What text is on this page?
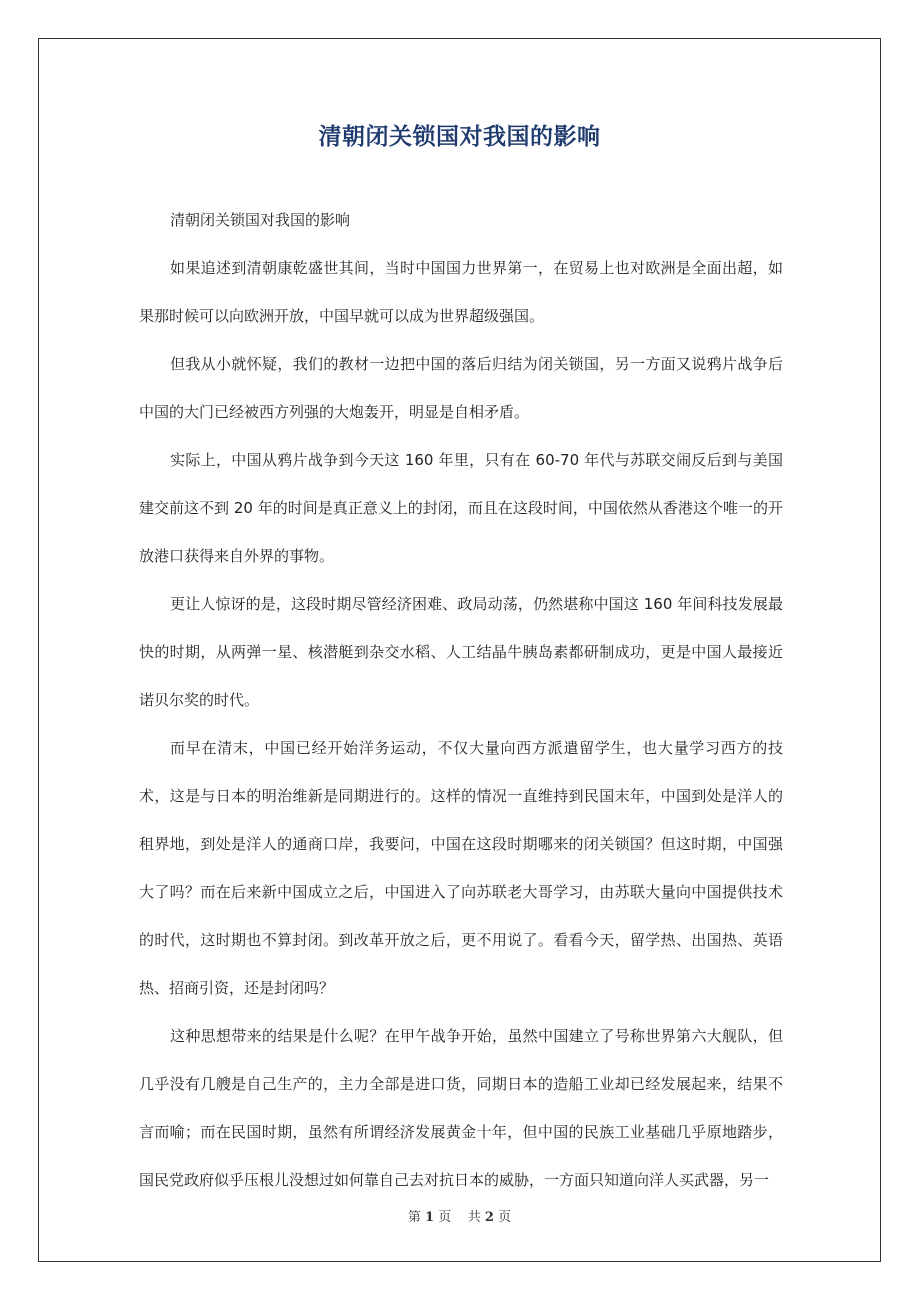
清朝闭关锁国对我国的影响

清朝闭关锁国对我国的影响

如果追述到清朝康乾盛世其间，当时中国国力世界第一，在贸易上也对欧洲是全面出超，如果那时候可以向欧洲开放，中国早就可以成为世界超级强国。

但我从小就怀疑，我们的教材一边把中国的落后归结为闭关锁国，另一方面又说鸦片战争后中国的大门已经被西方列强的大炮轰开，明显是自相矛盾。

实际上，中国从鸦片战争到今天这 160 年里，只有在 60-70 年代与苏联交闹反后到与美国建交前这不到 20 年的时间是真正意义上的封闭，而且在这段时间，中国依然从香港这个唯一的开放港口获得来自外界的事物。

更让人惊讶的是，这段时期尽管经济困难、政局动荡，仍然堪称中国这 160 年间科技发展最快的时期，从两弹一星、核潜艇到杂交水稻、人工结晶牛胰岛素都研制成功，更是中国人最接近诺贝尔奖的时代。

而早在清末，中国已经开始洋务运动，不仅大量向西方派遣留学生，也大量学习西方的技术，这是与日本的明治维新是同期进行的。这样的情况一直维持到民国末年，中国到处是洋人的租界地，到处是洋人的通商口岸，我要问，中国在这段时期哪来的闭关锁国？但这时期，中国强大了吗？而在后来新中国成立之后，中国进入了向苏联老大哥学习，由苏联大量向中国提供技术的时代，这时期也不算封闭。到改革开放之后，更不用说了。看看今天，留学热、出国热、英语热、招商引资，还是封闭吗？

这种思想带来的结果是什么呢？在甲午战争开始，虽然中国建立了号称世界第六大舰队，但几乎没有几艘是自己生产的，主力全部是进口货，同期日本的造船工业却已经发展起来，结果不言而喻；而在民国时期，虽然有所谓经济发展黄金十年，但中国的民族工业基础几乎原地踏步，国民党政府似乎压根儿没想过如何靠自己去对抗日本的威胁，一方面只知道向洋人买武器，另一

第 1 页 共 2 页
